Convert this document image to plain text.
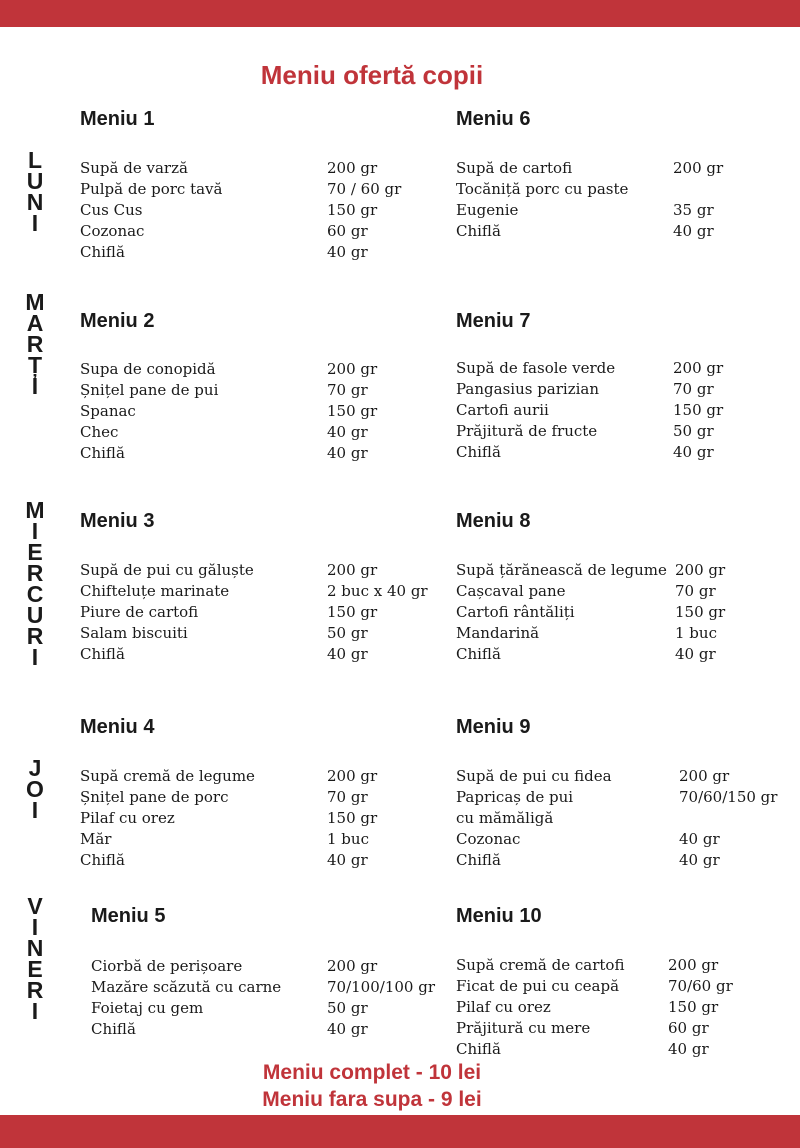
Meniu ofertă copii
L
U
N
I
M
A
R
Ț
I
M
I
E
R
C
U
R
I
J
O
I
V
I
N
E
R
I
Meniu 1
Supă de varză	200 gr
Pulpă de porc tavă	70 / 60 gr
Cus Cus	150 gr
Cozonac	60 gr
Chiflă	40 gr
Meniu 6
Supă de cartofi	200 gr
Tocăniță porc cu paste
Eugenie	35 gr
Chiflă	40 gr
Meniu 2
Supa de conopidă	200 gr
Șnițel pane de pui	70 gr
Spanac	150 gr
Chec	40 gr
Chiflă	40 gr
Meniu 7
Supă de fasole verde	200 gr
Pangasius parizian	70 gr
Cartofi aurii	150 gr
Prăjitură de fructe	50 gr
Chiflă	40 gr
Meniu 3
Supă de pui cu găluște	200 gr
Chifteluțe marinate	2 buc x 40 gr
Piure de cartofi	150 gr
Salam biscuiti	50 gr
Chiflă	40 gr
Meniu 8
Supă țărănească de legume 200 gr
Cașcaval pane	70 gr
Cartofi rântăliți	150 gr
Mandarină	1 buc
Chiflă	40 gr
Meniu 4
Supă cremă de legume	200 gr
Șnițel pane de porc	70 gr
Pilaf cu orez	150 gr
Măr	1 buc
Chiflă	40 gr
Meniu 9
Supă de pui cu fidea	200 gr
Papricaș de pui	70/60/150 gr
cu mămăligă
Cozonac	40 gr
Chiflă	40 gr
Meniu 5
Ciorbă de perișoare	200 gr
Mazăre scăzută cu carne	70/100/100 gr
Foietaj cu gem	50 gr
Chiflă	40 gr
Meniu 10
Supă cremă de cartofi	200 gr
Ficat de pui cu ceapă	70/60 gr
Pilaf cu orez	150 gr
Prăjitură cu mere	60 gr
Chiflă	40 gr
Meniu complet - 10 lei
Meniu fara supa - 9 lei
